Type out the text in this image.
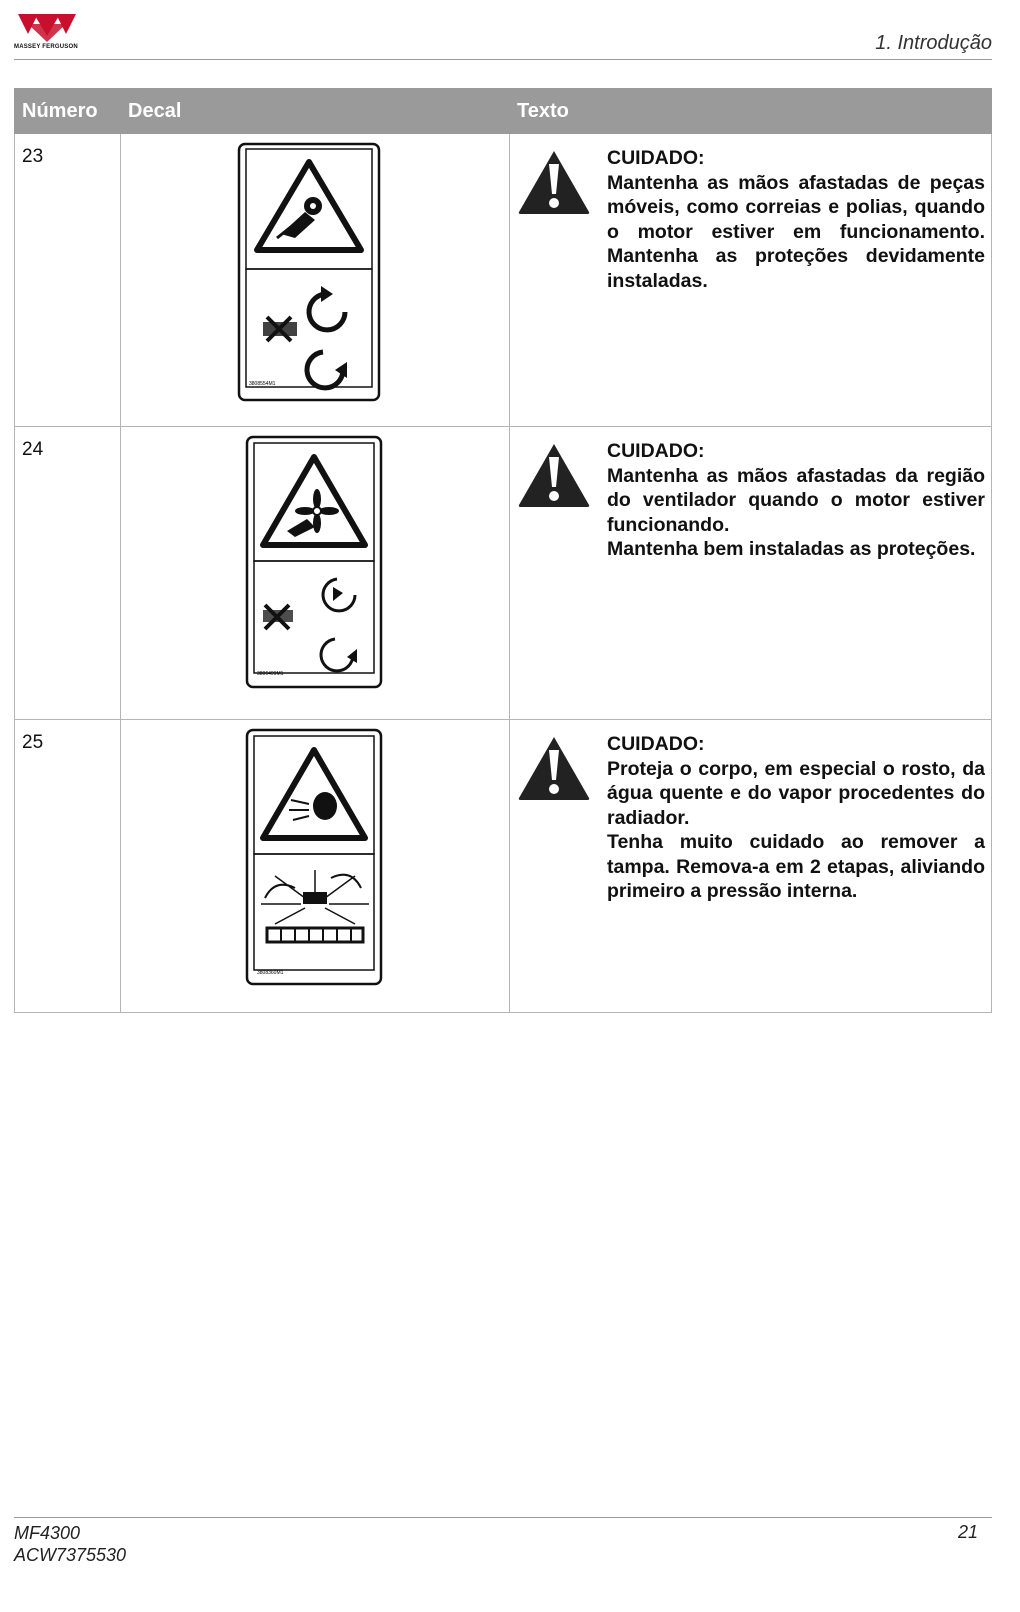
MASSEY FERGUSON	1. Introdução
Número	Decal	Texto
23	3808554M1	CUIDADO:

Mantenha as mãos afastadas de peças móveis, como correias e polias, quando o motor estiver em funcionamento. Mantenha as proteções devidamente instaladas.

24	3806499M1	CUIDADO:

Mantenha as mãos afastadas da região do ventilador quando o motor estiver funcionando.

Mantenha bem instaladas as proteções.

25	3808360M1	CUIDADO:

Proteja o corpo, em especial o rosto, da água quente e do vapor procedentes do radiador.

Tenha muito cuidado ao remover a tampa. Remova-a em 2 etapas, aliviando primeiro a pressão interna.

MF4300
ACW7375530
21
